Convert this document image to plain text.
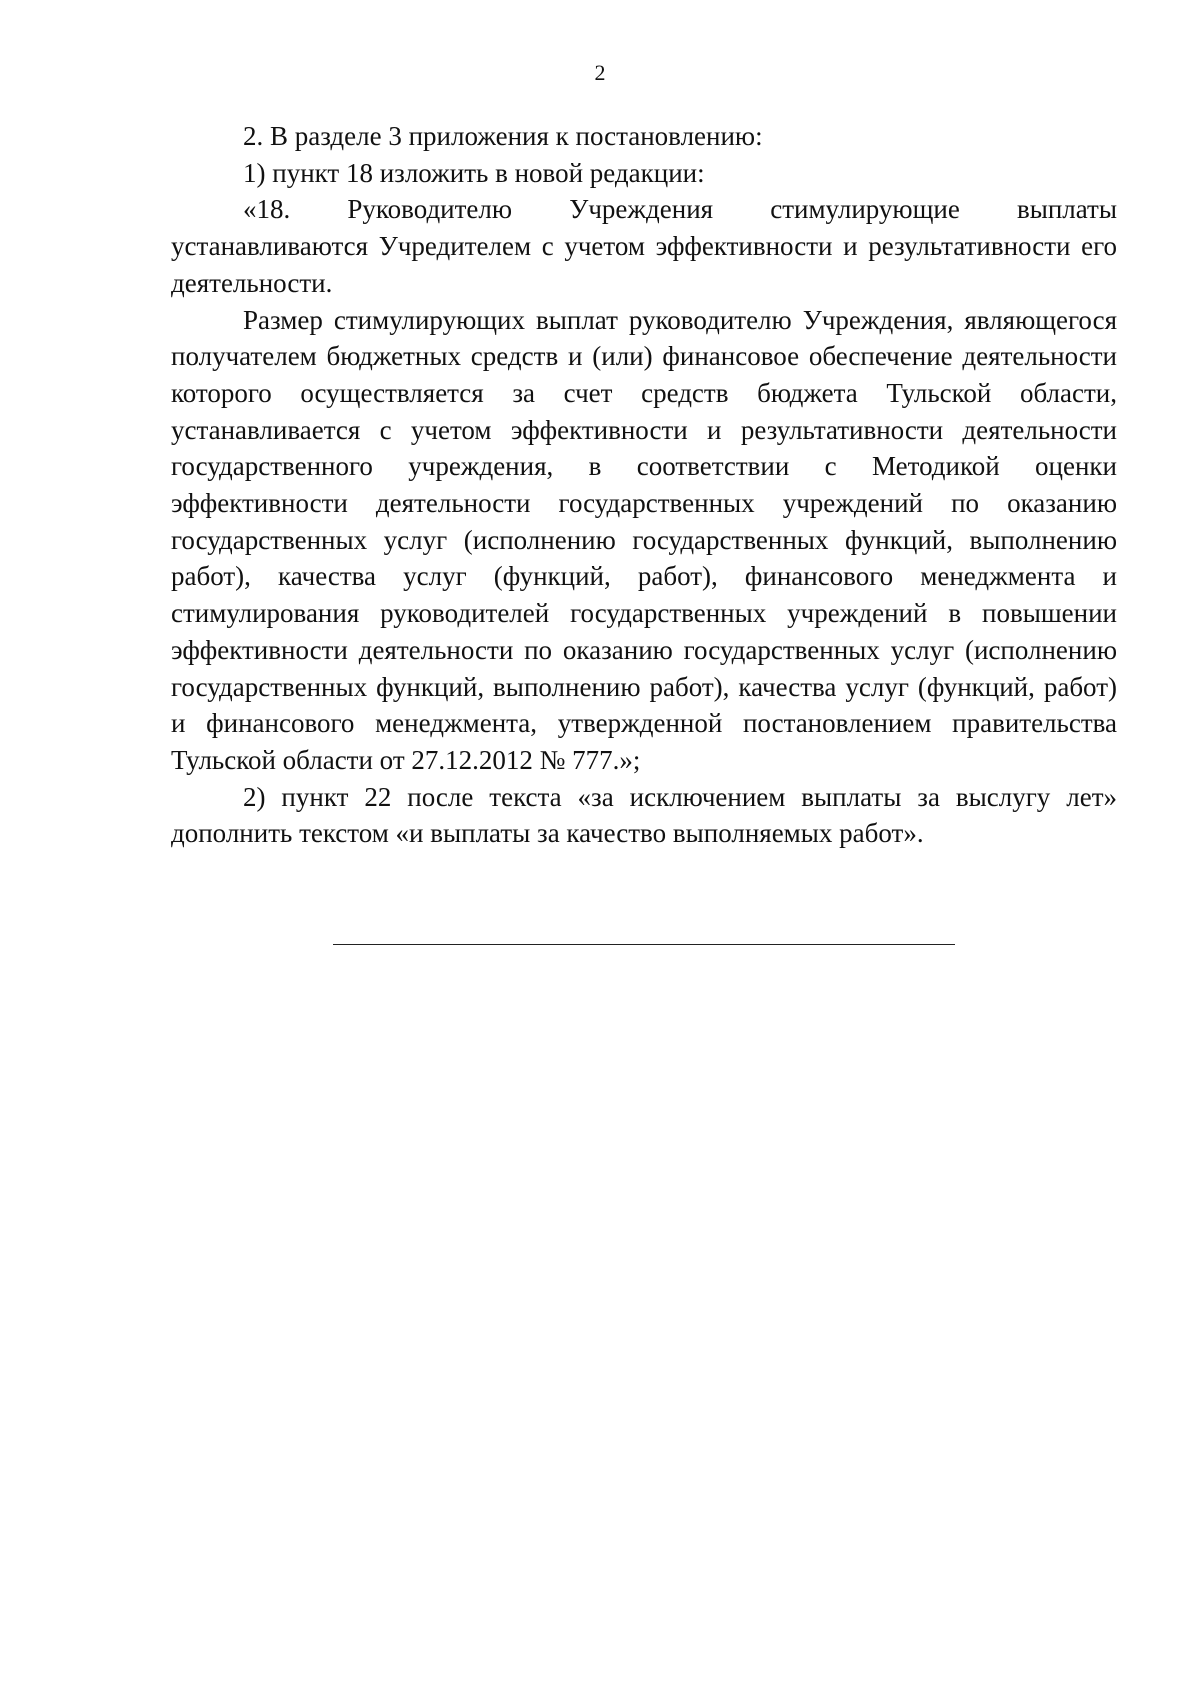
2

2. В разделе 3 приложения к постановлению:

1) пункт 18 изложить в новой редакции:

«18. Руководителю Учреждения стимулирующие выплаты устанавливаются Учредителем с учетом эффективности и результативности его деятельности.

Размер стимулирующих выплат руководителю Учреждения, являющегося получателем бюджетных средств и (или) финансовое обеспечение деятельности которого осуществляется за счет средств бюджета Тульской области, устанавливается с учетом эффективности и результативности деятельности государственного учреждения, в соответствии с Методикой оценки эффективности деятельности государственных учреждений по оказанию государственных услуг (исполнению государственных функций, выполнению работ), качества услуг (функций, работ), финансового менеджмента и стимулирования руководителей государственных учреждений в повышении эффективности деятельности по оказанию государственных услуг (исполнению государственных функций, выполнению работ), качества услуг (функций, работ) и финансового менеджмента, утвержденной постановлением правительства Тульской области от 27.12.2012 № 777.»;

2) пункт 22 после текста «за исключением выплаты за выслугу лет» дополнить текстом «и выплаты за качество выполняемых работ».
